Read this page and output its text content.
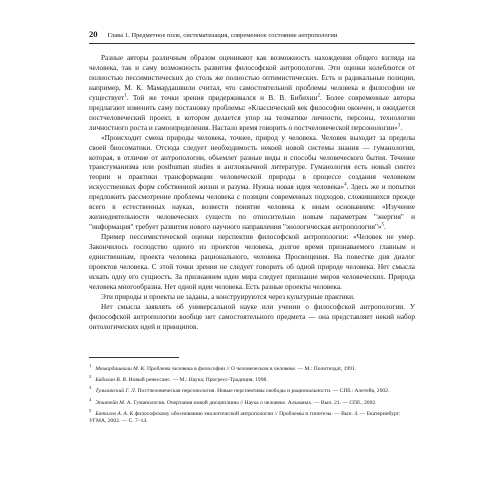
20 Глава 1. Предметное поле, систематизация, современное состояние антропологии

Разные авторы различным образом оценивают как возможность нахождения общего взгляда на человека, так и саму возможность развития философской антропологии. Эти оценки колеблются от полностью пессимистических до столь же полностью оптимистических. Есть и радикальные позиции, например, М. К. Мамардашвили считал, что самостоятельной проблемы человека в философии не существует$^1$. Той же точки зрения придерживался и В. В. Бибихин$^2$. Более современные авторы предлагают изменить саму постановку проблемы: «Классический век философии окончен, и ожидается постчеловеческий проект, в котором делается упор на телматике личности, персоны, технологии личностного роста и самоопределения. Настало время говорить о постчеловеческой персонологии»$^3$.

«Происходит смена природы человека, точнее, природ у человека. Человек выходит за пределы своей биосоматики. Отсюда следует необходимость некоей новой системы знания — гуманологии, которая, в отличие от антропологии, объемлет разные виды и способы человеческого бытия. Течение трансгуманизма или posthuman studies в англоязычной литературе. Гуманология есть новый синтез теории и практики трансформации человеческой природы в процессе создания человеком искусственных форм собственной жизни и разума. Нужна новая идея человека»$^4$. Здесь же и попытки предложить рассмотрение проблемы человека с позиции современных подходов, сложившихся прежде всего в естественных науках, возвести понятие человека к иным основаниям: «Изучение жизнедеятельности человеческих существ по относительно новым параметрам "энергия" и "информация" требует развития нового научного направления "энологическая антропология"»$^5$.

Пример пессимистической оценки перспектив философской антропологии: «Человек не умер. Закончилось господство одного из проектов человека, долгое время признаваемого главным и единственным, проекта человека рационального, человека Просвещения. На повестке дня диалог проектов человека. С этой точки зрения не следует говорить об одной природе человека. Нет смысла искать одну его сущность. За признанием идеи мира следует признание миров человеческих. Природа человека многообразна. Нет одной идеи человека. Есть разные проекты человека.

Эти природы и проекты не заданы, а конструируются через культурные практики.

Нет смысла заявлять об универсальной науке или учении о философской антропологии. У философской антропологии вообще нет самостоятельного предмета — она представляет некий набор онтологических идей и принципов.

$^1$Мамардашвили М. К. Проблема человека в философии // О человеческом в человеке. — М.: Политиздат, 1991.

$^2$Бибихин В. В. Новый ренессанс. — М.: Наука; Прогресс-Традиция, 1998.

$^3$Тульчинский Г. Л. Постчеловеческая персонология. Новые перспективы свободы и рациональности. — СПб.: Алетейа, 2002.

$^4$Эпштейн М. А. Гуманология. Очертания новой дисциплины // Наука о человеке. Альманах. — Вып. 21. — СПб., 2002.

$^5$Баталов А. А. К философскому обоснованию энологической антропологии // Проблемы и гипотезы. — Вып. 4. — Екатеринбург: УГМА, 2002. — С. 7–14.
